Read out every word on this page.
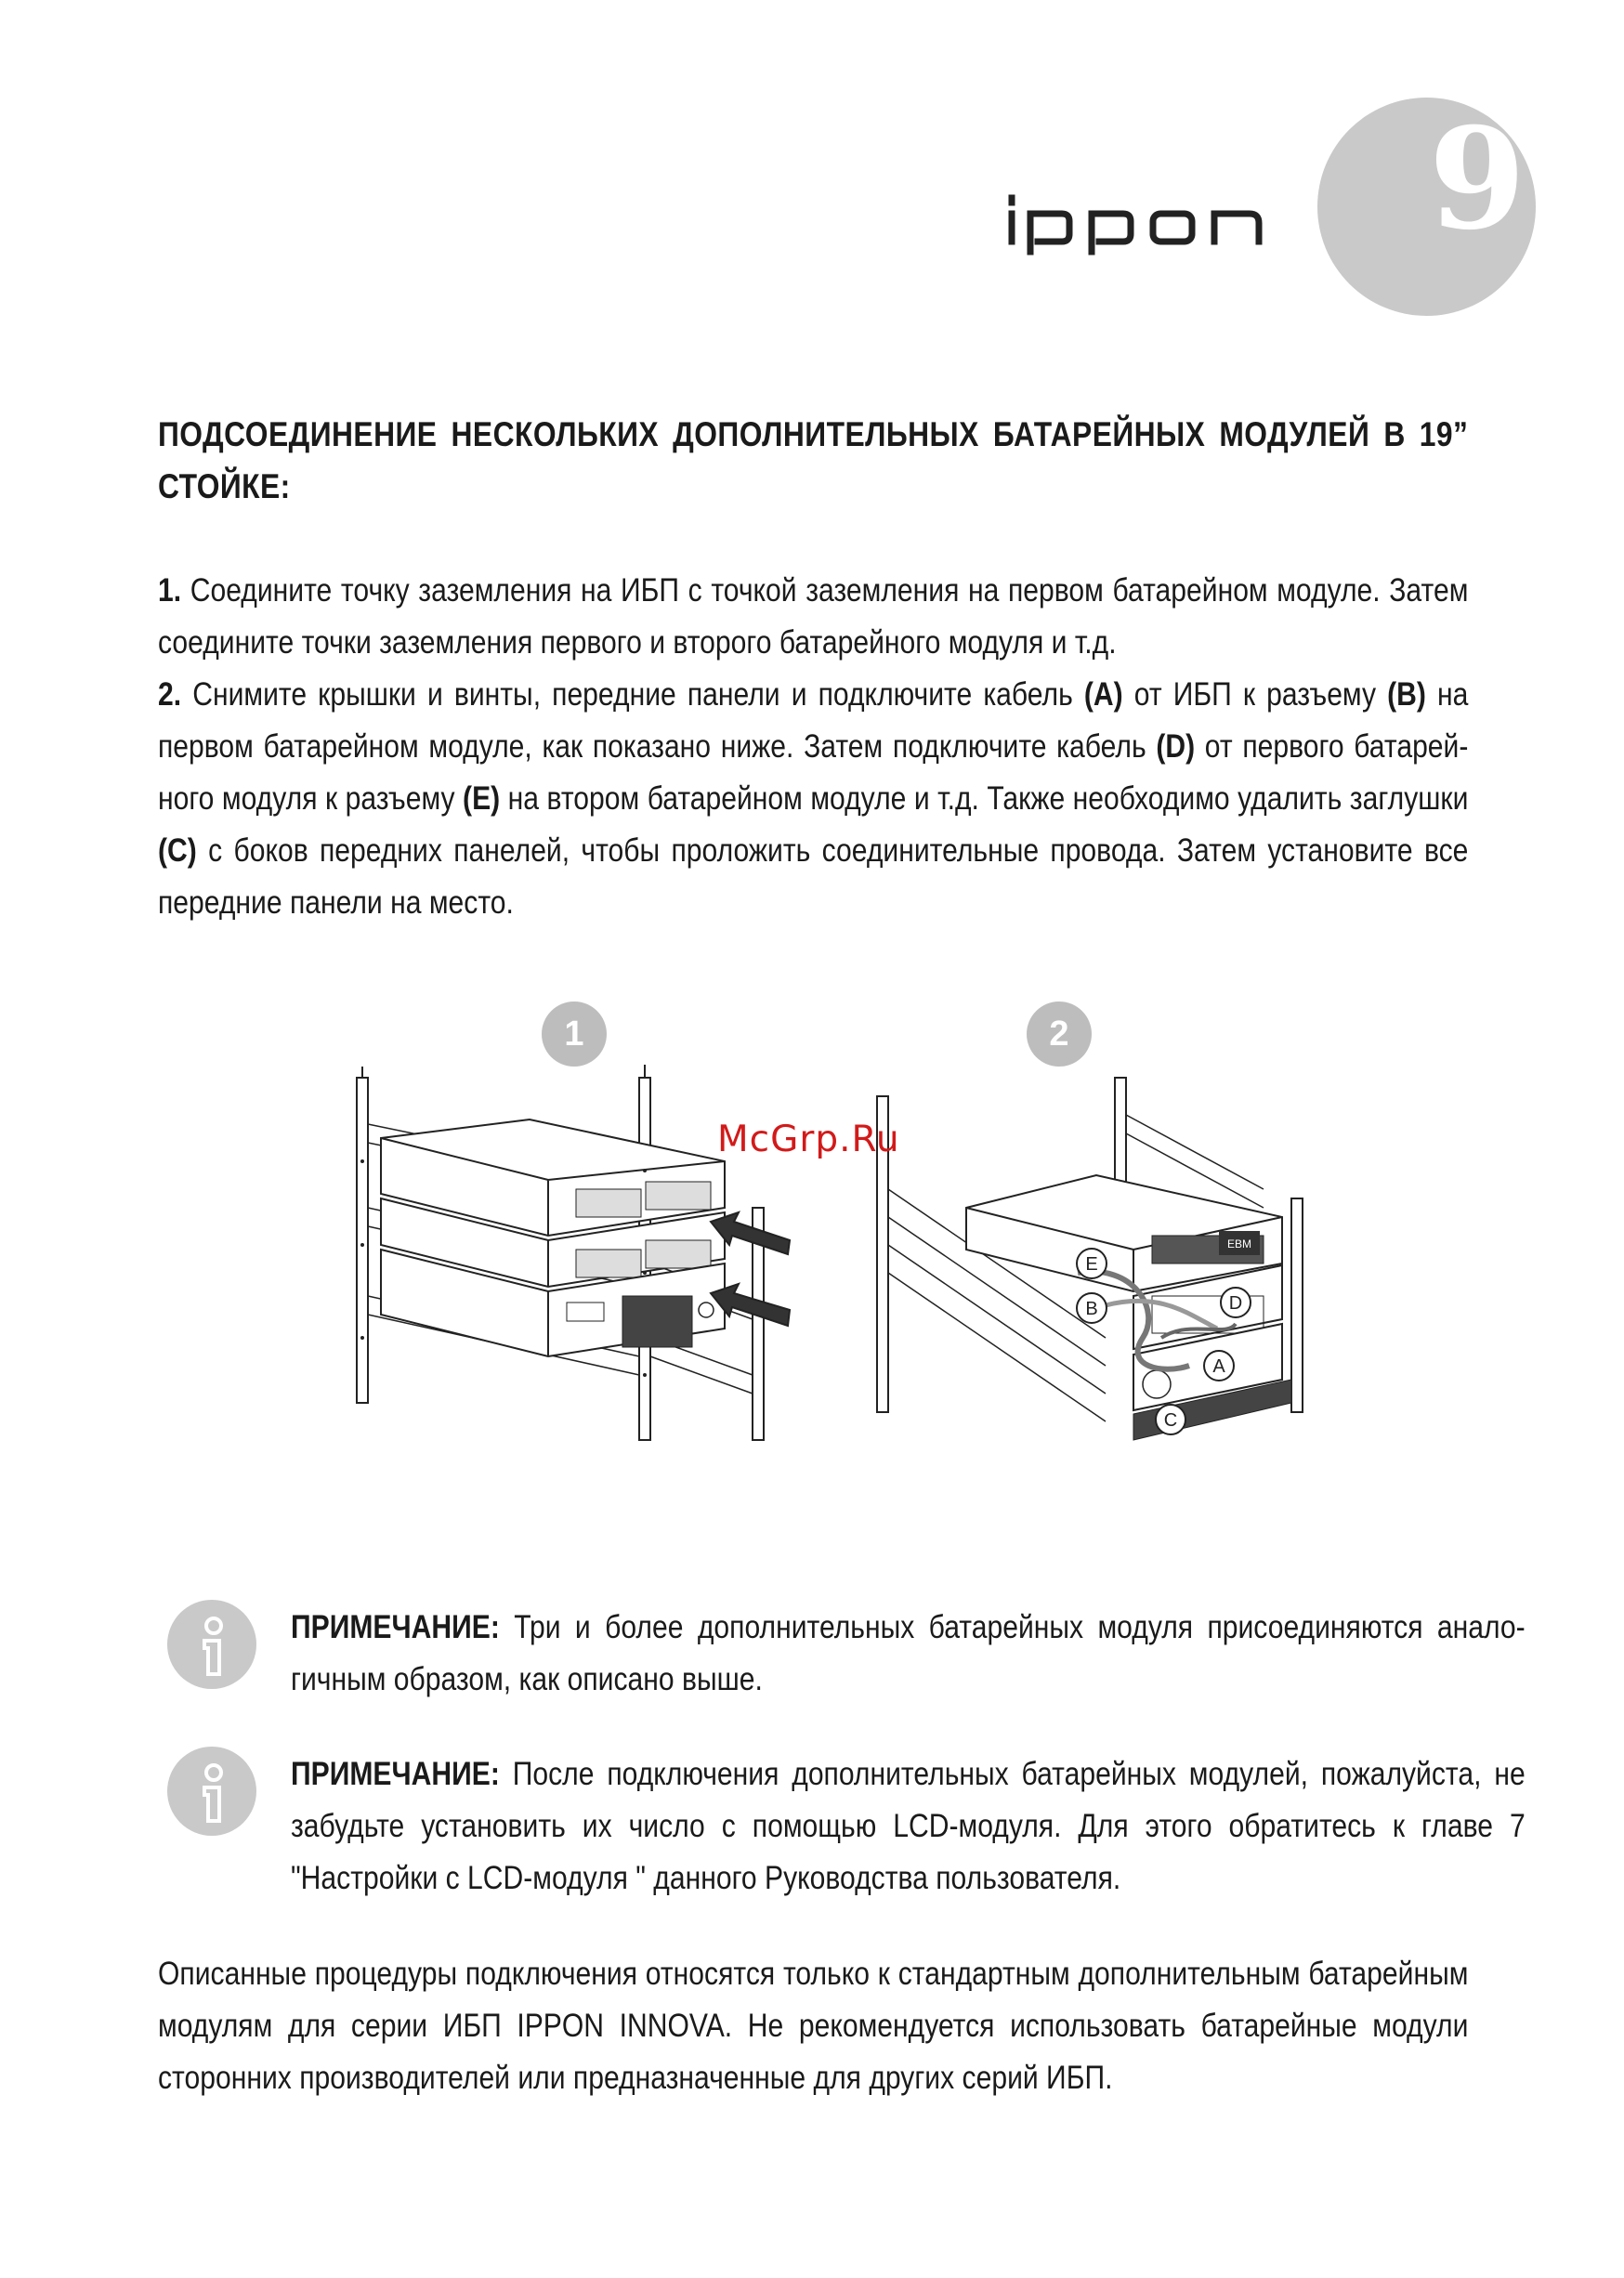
9
ПОДСОЕДИНЕНИЕ НЕСКОЛЬКИХ ДОПОЛНИТЕЛЬНЫХ БАТАРЕЙНЫХ МОДУЛЕЙ В 19” СТОЙКЕ:
1. Соедините точку заземления на ИБП с точкой заземления на первом батарейном модуле. Затем соедините точки заземления первого и второго батарейного модуля и т.д.
2. Снимите крышки и винты, передние панели и подключите кабель (A) от ИБП к разъему (B) на первом батарейном модуле, как показано ниже. Затем подключите кабель (D) от первого батарейного модуля к разъему (E) на втором батарейном модуле и т.д. Также необходимо удалить заглушки (C) с боков передних панелей, чтобы проложить соединительные провода. Затем установите все передние панели на место.
1	2
EBM
E
B	D
A
C
McGrp.Ru
ПРИМЕЧАНИЕ: Три и более дополнительных батарейных модуля присоединяются аналогичным образом, как описано выше.
ПРИМЕЧАНИЕ: После подключения дополнительных батарейных модулей, пожалуйста, не забудьте установить их число с помощью LCD-модуля. Для этого обратитесь к главе 7 "Настройки с LCD-модуля " данного Руководства пользователя.
Описанные процедуры подключения относятся только к стандартным дополнительным батарейным модулям для серии ИБП IPPON INNOVA. Не рекомендуется использовать батарейные модули сторонних производителей или предназначенные для других серий ИБП.
